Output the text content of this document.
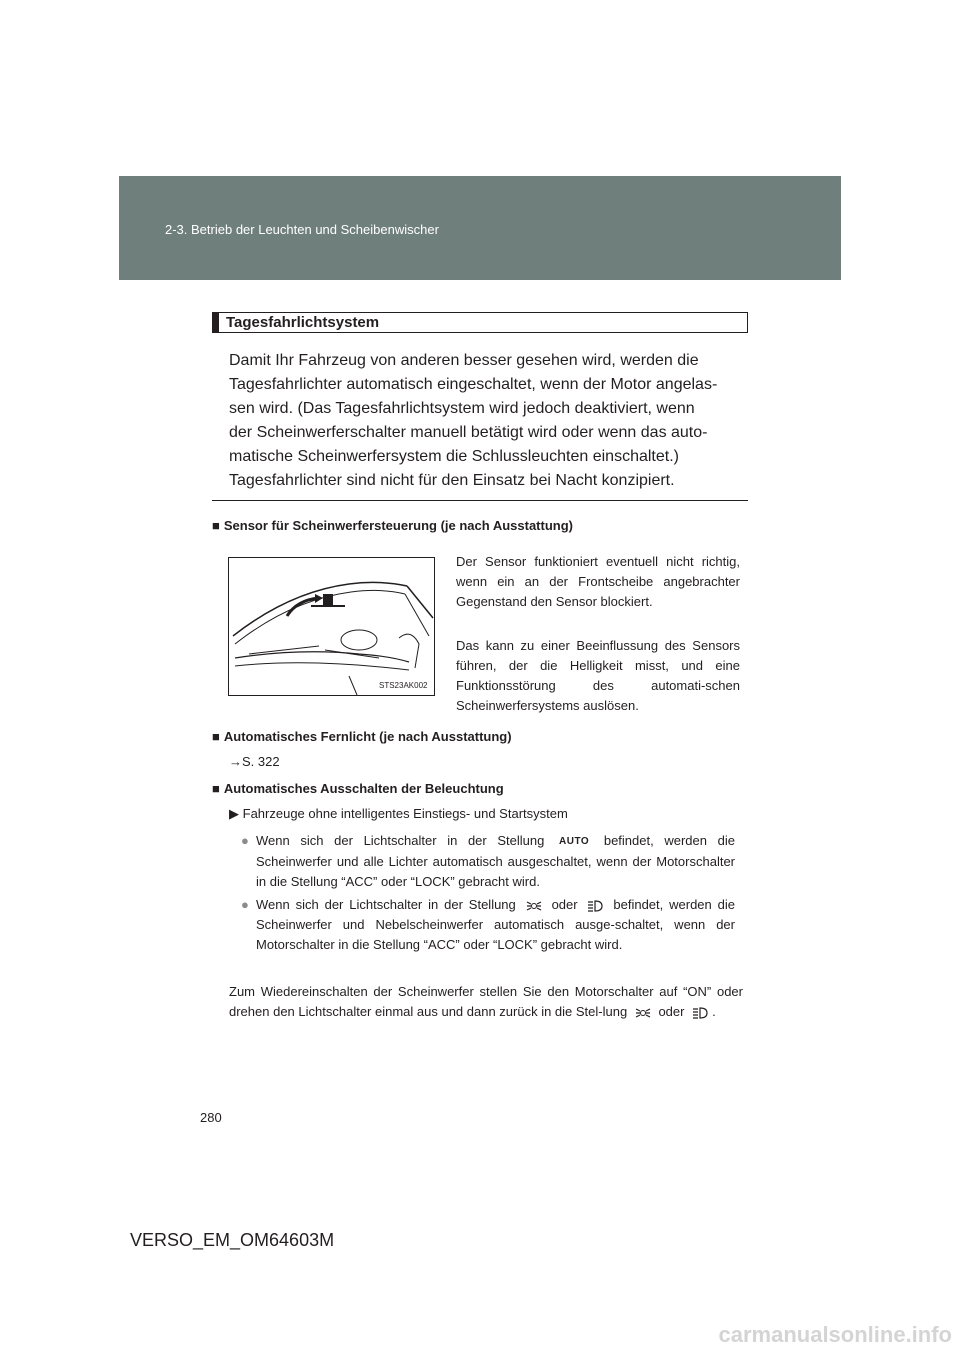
2-3. Betrieb der Leuchten und Scheibenwischer
Tagesfahrlichtsystem
Damit Ihr Fahrzeug von anderen besser gesehen wird, werden die
Tagesfahrlichter automatisch eingeschaltet, wenn der Motor angelas-
sen wird. (Das Tagesfahrlichtsystem wird jedoch deaktiviert, wenn
der Scheinwerferschalter manuell betätigt wird oder wenn das auto-
matische Scheinwerfersystem die Schlussleuchten einschaltet.)
Tagesfahrlichter sind nicht für den Einsatz bei Nacht konzipiert.
■ Sensor für Scheinwerfersteuerung (je nach Ausstattung)
STS23AK002

Der Sensor funktioniert eventuell nicht richtig, wenn ein an der Frontscheibe angebrachter Gegenstand den Sensor blockiert.

Das kann zu einer Beeinflussung des Sensors führen, der die Helligkeit misst, und eine Funktionsstörung des automati-schen Scheinwerfersystems auslösen.

■ Automatisches Fernlicht (je nach Ausstattung)
→S. 322
■ Automatisches Ausschalten der Beleuchtung
▶ Fahrzeuge ohne intelligentes Einstiegs- und Startsystem
● Wenn sich der Lichtschalter in der Stellung AUTO befindet, werden die Scheinwerfer und alle Lichter automatisch ausgeschaltet, wenn der Motorschalter in die Stellung “ACC” oder “LOCK” gebracht wird.
● Wenn sich der Lichtschalter in der Stellung	oder	befindet, werden die Scheinwerfer und Nebelscheinwerfer automatisch ausge-schaltet, wenn der Motorschalter in die Stellung “ACC” oder “LOCK” gebracht wird.
Zum Wiedereinschalten der Scheinwerfer stellen Sie den Motorschalter auf “ON” oder drehen den Lichtschalter einmal aus und dann zurück in die Stel-lung oder .
280
VERSO_EM_OM64603M
carmanualsonline.info
